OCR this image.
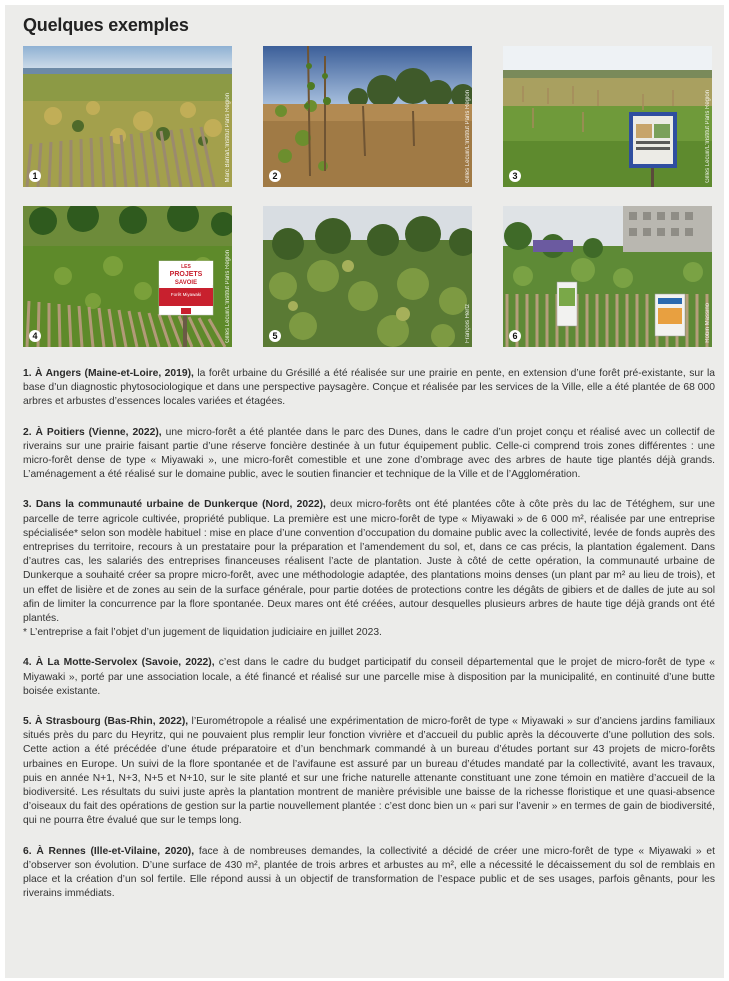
Quelques exemples
1	Marc Barra/L'Institut Paris Region	2	Gilles Lecuir/L'Institut Paris Region	3	Gilles Lecuir/L'Institut Paris Region
LES
PROJETS
SAVOIE
Forêt Miyawaki
4	Gilles Lecuir/L'Institut Paris Region	5	François Hertz	6	Robin Massino

1. À Angers (Maine-et-Loire, 2019), la forêt urbaine du Grésillé a été réalisée sur une prairie en pente, en extension d’une forêt pré-existante, sur la base d’un diagnostic phytosociologique et dans une perspective paysagère. Conçue et réalisée par les services de la Ville, elle a été plantée de 68 000 arbres et arbustes d’essences locales variées et étagées.

2. À Poitiers (Vienne, 2022), une micro-forêt a été plantée dans le parc des Dunes, dans le cadre d’un projet conçu et réalisé avec un collectif de riverains sur une prairie faisant partie d’une réserve foncière destinée à un futur équipement public. Celle-ci comprend trois zones différentes : une micro-forêt dense de type « Miyawaki », une micro-forêt comestible et une zone d’ombrage avec des arbres de haute tige plantés déjà grands. L’aménagement a été réalisé sur le domaine public, avec le soutien financier et technique de la Ville et de l’Agglomération.

3. Dans la communauté urbaine de Dunkerque (Nord, 2022), deux micro-forêts ont été plantées côte à côte près du lac de Tétéghem, sur une parcelle de terre agricole cultivée, propriété publique. La première est une micro-forêt de type « Miyawaki » de 6 000 m², réalisée par une entreprise spécialisée* selon son modèle habituel : mise en place d’une convention d’occupation du domaine public avec la collectivité, levée de fonds auprès des entreprises du territoire, recours à un prestataire pour la préparation et l’amendement du sol, et, dans ce cas précis, la plantation également. Dans d’autres cas, les salariés des entreprises financeuses réalisent l’acte de plantation. Juste à côté de cette opération, la communauté urbaine de Dunkerque a souhaité créer sa propre micro-forêt, avec une méthodologie adaptée, des plantations moins denses (un plant par m² au lieu de trois), et un effet de lisière et de zones au sein de la surface générale, pour partie dotées de protections contre les dégâts de gibiers et de dalles de jute au sol afin de limiter la concurrence par la flore spontanée. Deux mares ont été créées, autour desquelles plusieurs arbres de haute tige déjà grands ont été plantés.
* L’entreprise a fait l’objet d’un jugement de liquidation judiciaire en juillet 2023.

4. À La Motte-Servolex (Savoie, 2022), c’est dans le cadre du budget participatif du conseil départemental que le projet de micro-forêt de type « Miyawaki », porté par une association locale, a été financé et réalisé sur une parcelle mise à disposition par la municipalité, en continuité d’une butte boisée existante.

5. À Strasbourg (Bas-Rhin, 2022), l’Eurométropole a réalisé une expérimentation de micro-forêt de type « Miyawaki » sur d’anciens jardins familiaux situés près du parc du Heyritz, qui ne pouvaient plus remplir leur fonction vivrière et d’accueil du public après la découverte d’une pollution des sols. Cette action a été précédée d’une étude préparatoire et d’un benchmark commandé à un bureau d’études portant sur 43 projets de micro-forêts urbaines en Europe. Un suivi de la flore spontanée et de l’avifaune est assuré par un bureau d’études mandaté par la collectivité, avant les travaux, puis en année N+1, N+3, N+5 et N+10, sur le site planté et sur une friche naturelle attenante constituant une zone témoin en matière d’accueil de la biodiversité. Les résultats du suivi juste après la plantation montrent de manière prévisible une baisse de la richesse floristique et une quasi-absence d’oiseaux du fait des opérations de gestion sur la partie nouvellement plantée : c’est donc bien un « pari sur l’avenir » en termes de gain de biodiversité, qui ne pourra être évalué que sur le temps long.

6. À Rennes (Ille-et-Vilaine, 2020), face à de nombreuses demandes, la collectivité a décidé de créer une micro-forêt de type « Miyawaki » et d’observer son évolution. D’une surface de 430 m², plantée de trois arbres et arbustes au m², elle a nécessité le décaissement du sol de remblais en place et la création d’un sol fertile. Elle répond aussi à un objectif de transformation de l’espace public et de ses usages, parfois gênants, pour les riverains immédiats.
